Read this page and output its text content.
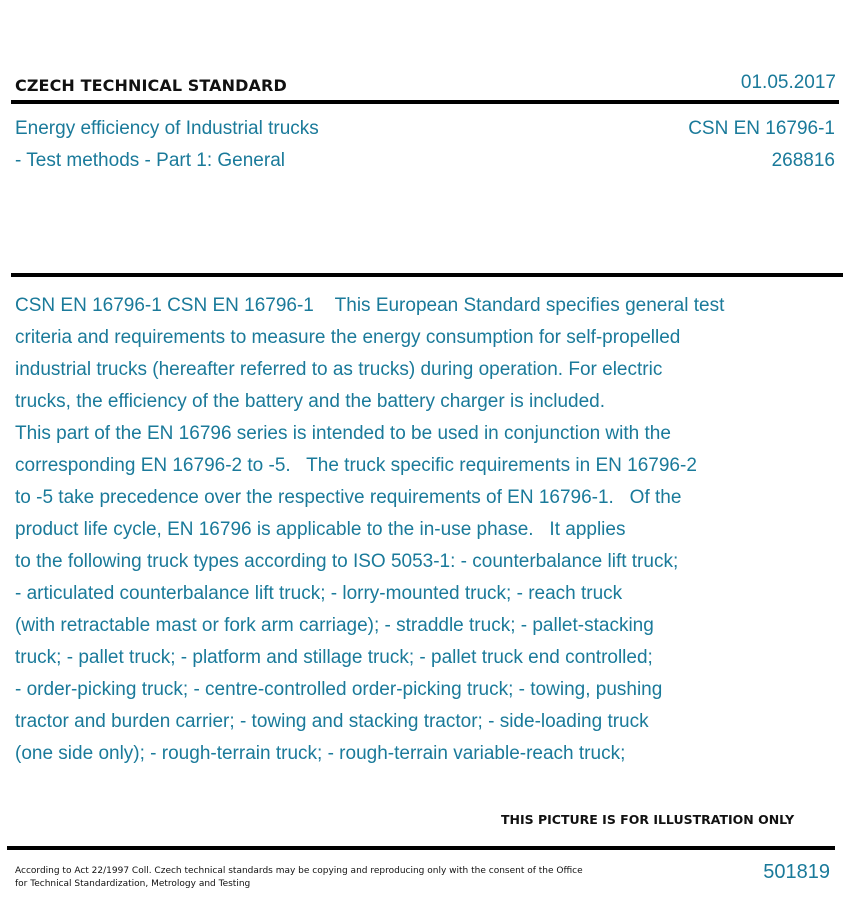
CZECH TECHNICAL STANDARD	01.05.2017
Energy efficiency of Industrial trucks
- Test methods - Part 1: General
CSN EN 16796-1
268816
CSN EN 16796-1 CSN EN 16796-1    This European Standard specifies general test
criteria and requirements to measure the energy consumption for self-propelled
industrial trucks (hereafter referred to as trucks) during operation. For electric
trucks, the efficiency of the battery and the battery charger is included.
This part of the EN 16796 series is intended to be used in conjunction with the
corresponding EN 16796-2 to -5.   The truck specific requirements in EN 16796-2
to -5 take precedence over the respective requirements of EN 16796-1.   Of the
product life cycle, EN 16796 is applicable to the in-use phase.   It applies
to the following truck types according to ISO 5053-1: - counterbalance lift truck;
- articulated counterbalance lift truck; - lorry-mounted truck; - reach truck
(with retractable mast or fork arm carriage); - straddle truck; - pallet-stacking
truck; - pallet truck; - platform and stillage truck; - pallet truck end controlled;
- order-picking truck; - centre-controlled order-picking truck; - towing, pushing
tractor and burden carrier; - towing and stacking tractor; - side-loading truck
(one side only); - rough-terrain truck; - rough-terrain variable-reach truck;
THIS PICTURE IS FOR ILLUSTRATION ONLY
According to Act 22/1997 Coll. Czech technical standards may be copying and reproducing only with the consent of the Office
for Technical Standardization, Metrology and Testing
501819
